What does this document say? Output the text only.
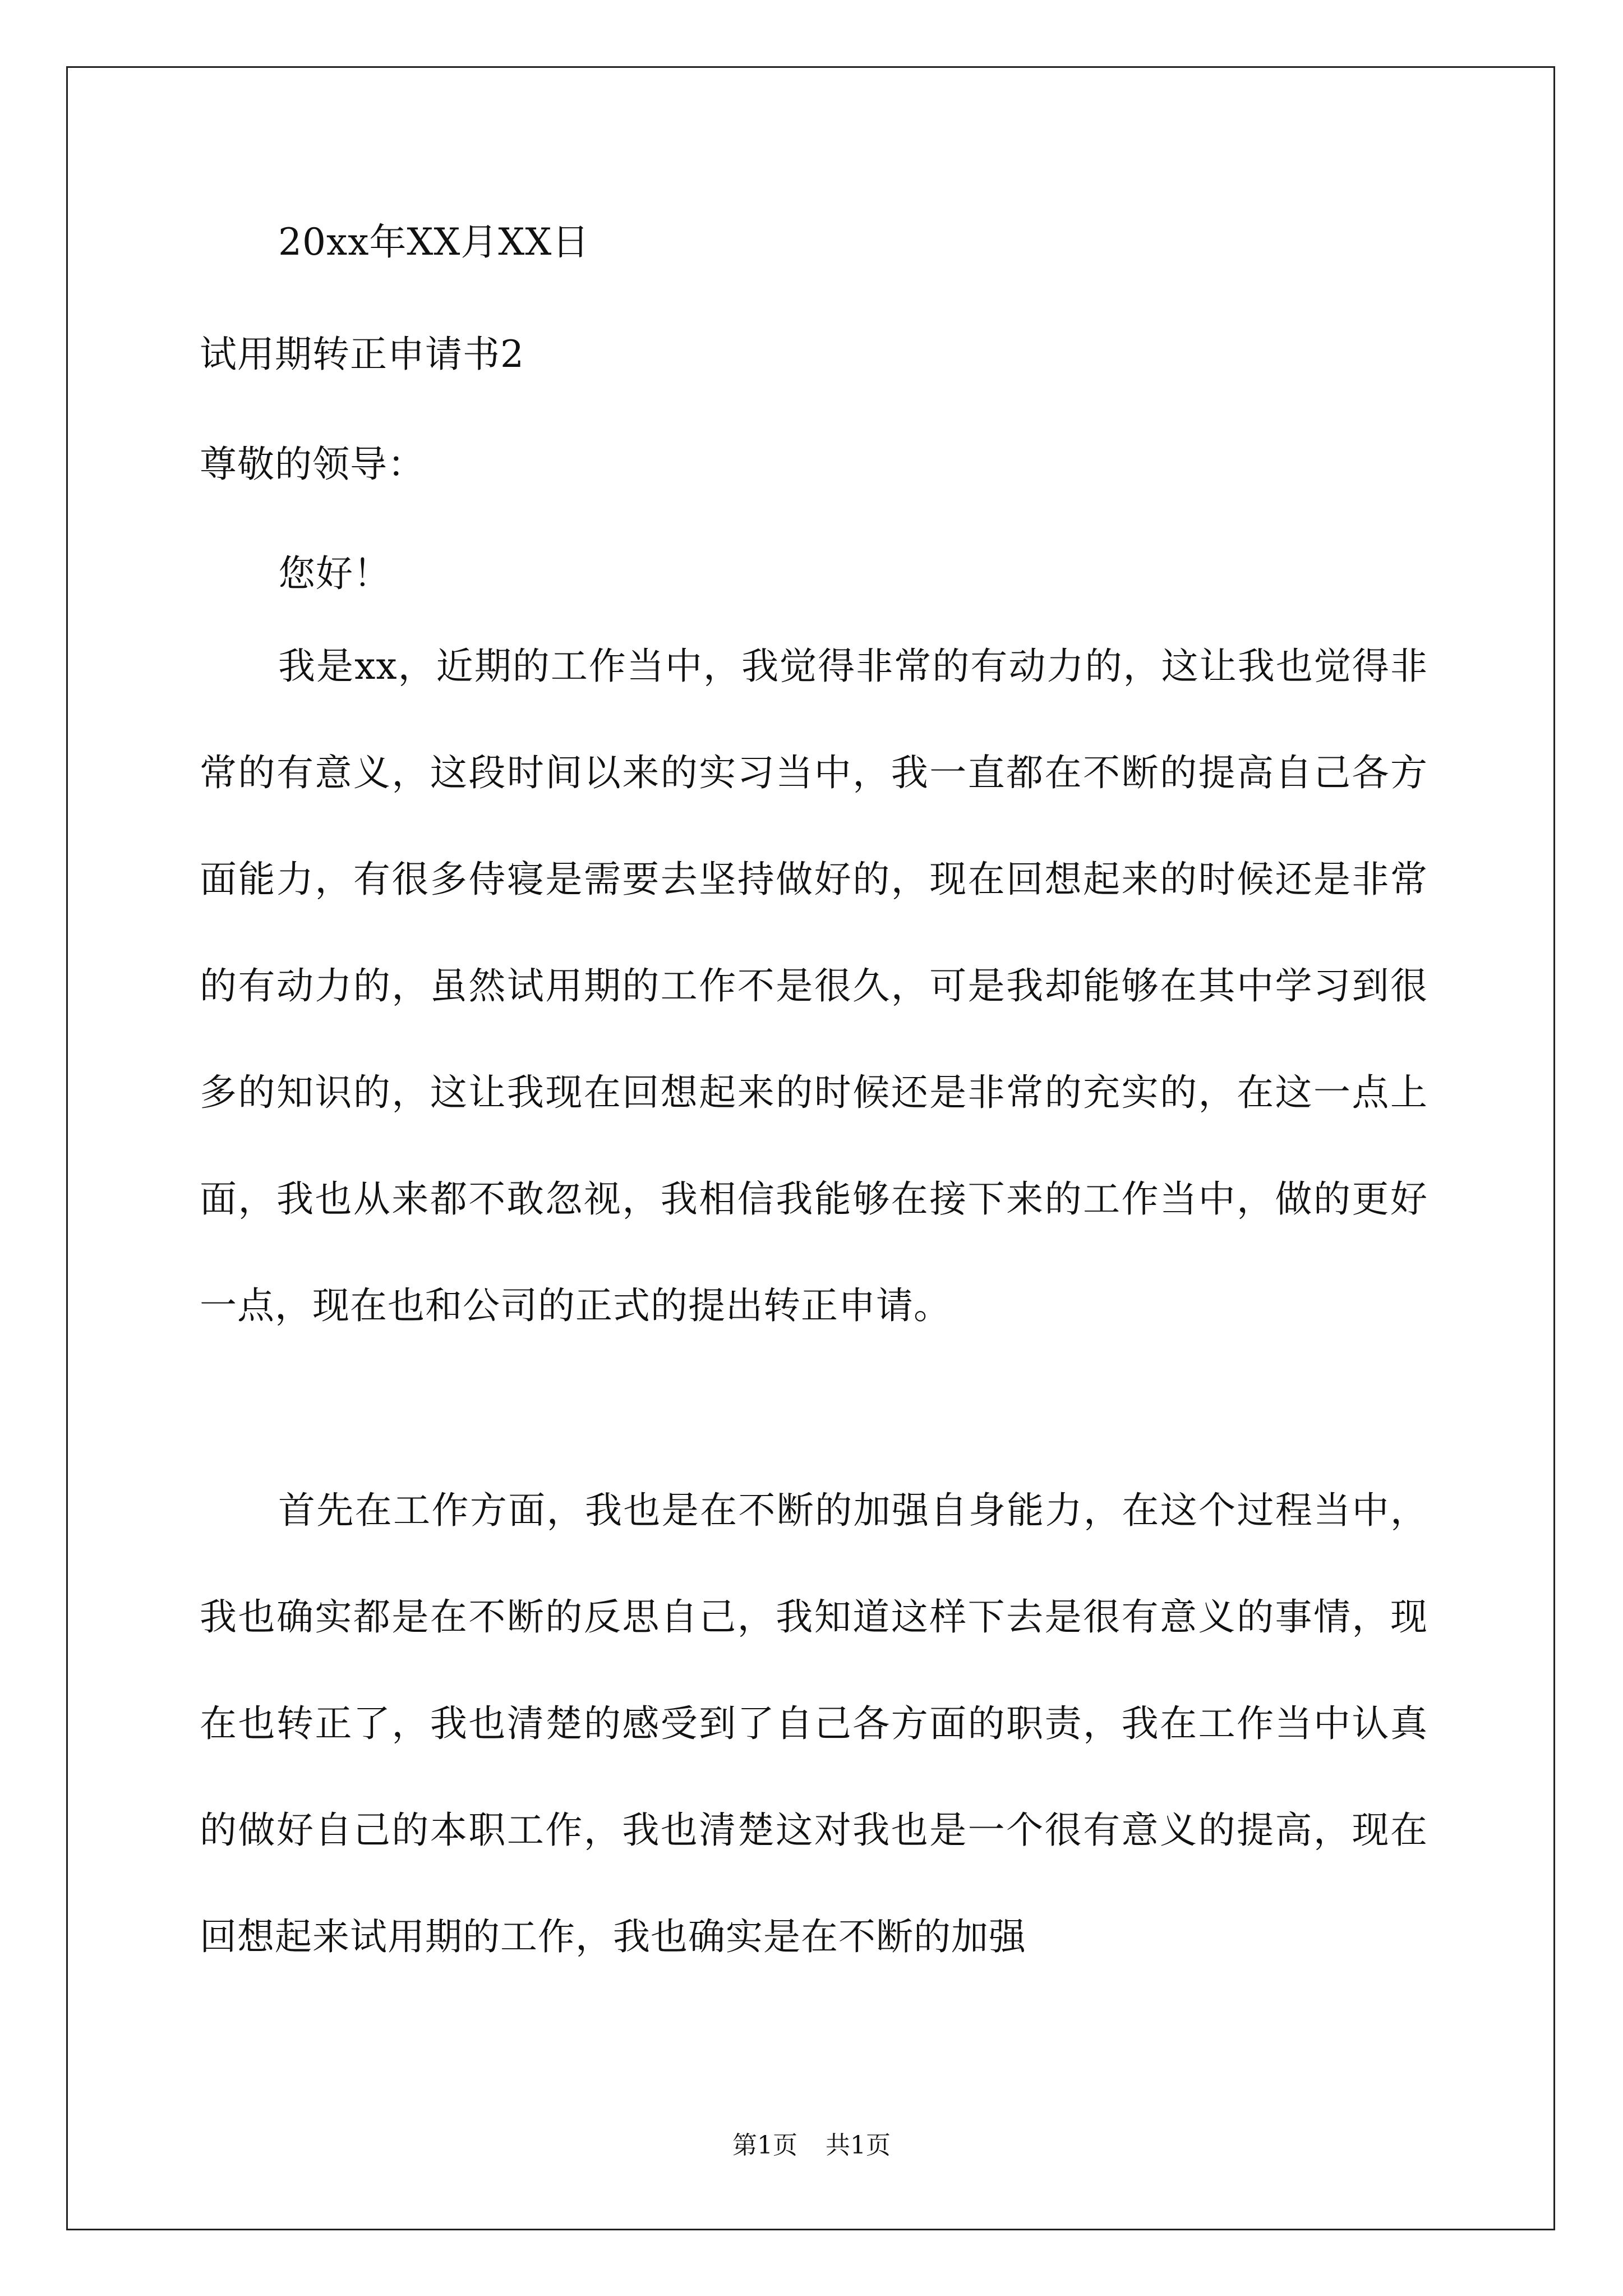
20xx年XX月XX日
试用期转正申请书2
尊敬的领导：
您好！

我是xx，近期的工作当中，我觉得非常的有动力的，这让我也觉得非常的有意义，这段时间以来的实习当中，我一直都在不断的提高自己各方面能力，有很多侍寝是需要去坚持做好的，现在回想起来的时候还是非常的有动力的，虽然试用期的工作不是很久，可是我却能够在其中学习到很多的知识的，这让我现在回想起来的时候还是非常的充实的，在这一点上面，我也从来都不敢忽视，我相信我能够在接下来的工作当中，做的更好一点，现在也和公司的正式的提出转正申请。

首先在工作方面，我也是在不断的加强自身能力，在这个过程当中，我也确实都是在不断的反思自己，我知道这样下去是很有意义的事情，现在也转正了，我也清楚的感受到了自己各方面的职责，我在工作当中认真的做好自己的本职工作，我也清楚这对我也是一个很有意义的提高，现在回想起来试用期的工作，我也确实是在不断的加强

第1页 共1页
